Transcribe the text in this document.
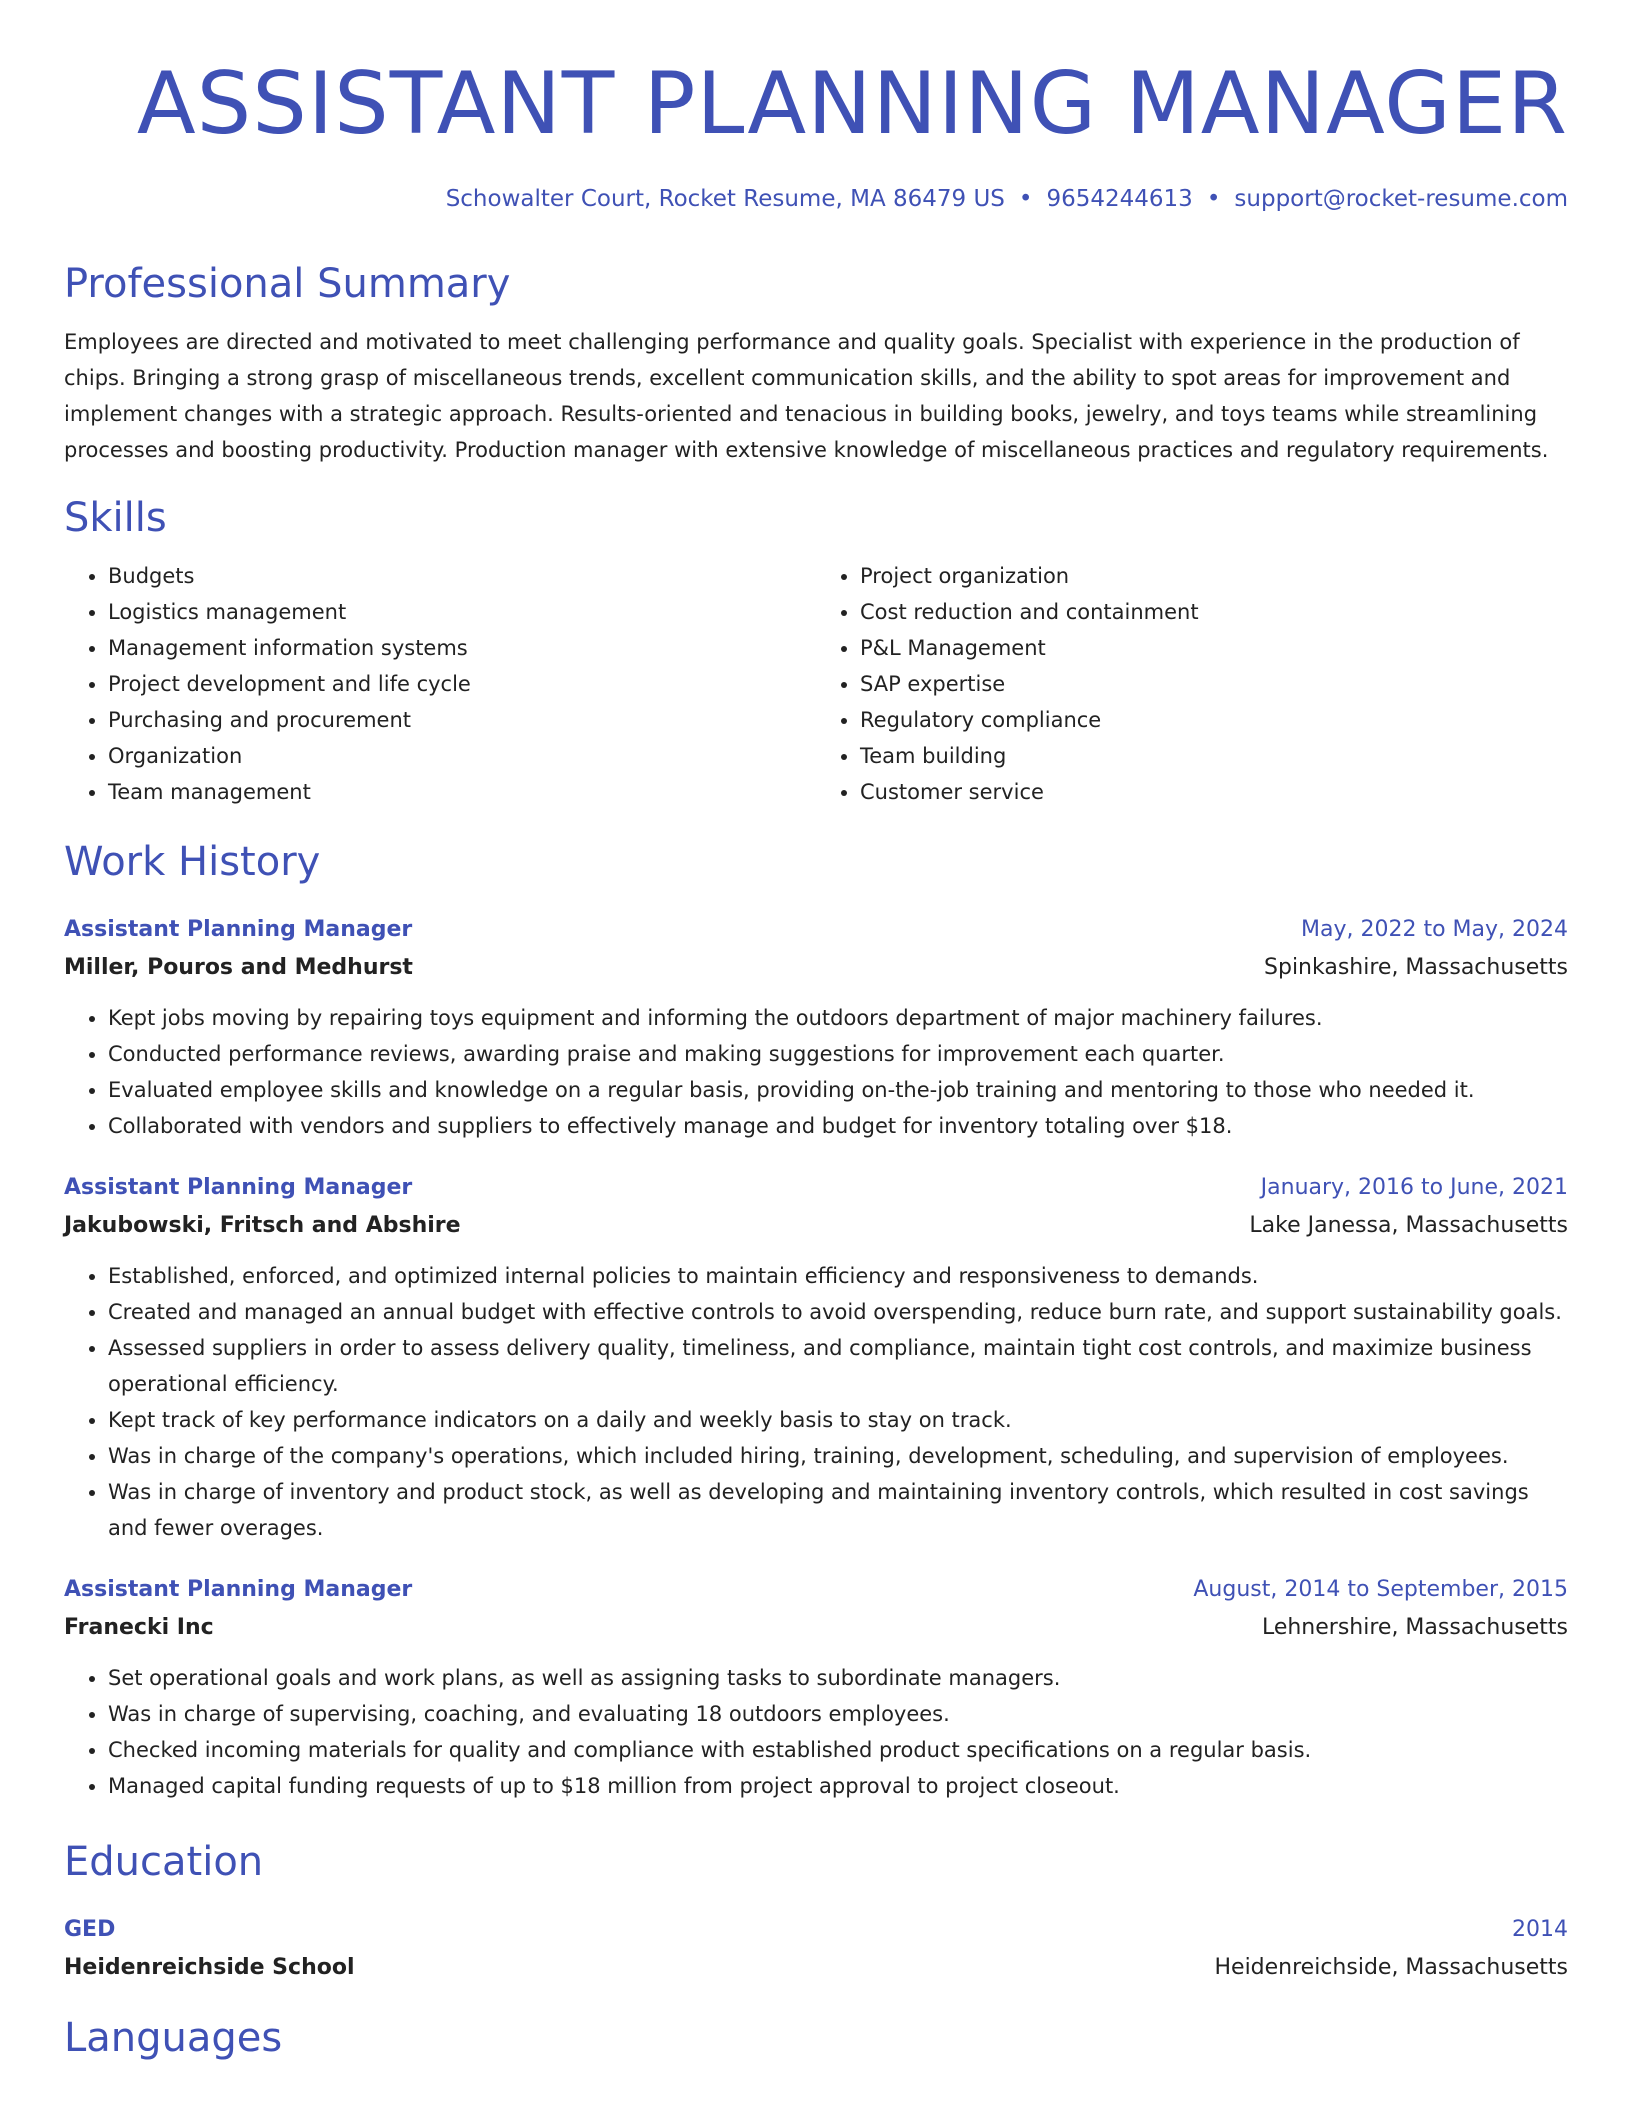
ASSISTANT PLANNING MANAGER
Schowalter Court, Rocket Resume, MA 86479 US • 9654244613 • support@rocket-resume.com
Professional Summary

Employees are directed and motivated to meet challenging performance and quality goals. Specialist with experience in the production of chips. Bringing a strong grasp of miscellaneous trends, excellent communication skills, and the ability to spot areas for improvement and implement changes with a strategic approach. Results-oriented and tenacious in building books, jewelry, and toys teams while streamlining processes and boosting productivity. Production manager with extensive knowledge of miscellaneous practices and regulatory requirements.

Skills
• Budgets
• Logistics management
• Management information systems
• Project development and life cycle
• Purchasing and procurement
• Organization
• Team management
• Project organization
• Cost reduction and containment
• P&L Management
• SAP expertise
• Regulatory compliance
• Team building
• Customer service
Work History
Assistant Planning Manager	May, 2022 to May, 2024
Miller, Pouros and Medhurst	Spinkashire, Massachusetts
• Kept jobs moving by repairing toys equipment and informing the outdoors department of major machinery failures.
• Conducted performance reviews, awarding praise and making suggestions for improvement each quarter.
• Evaluated employee skills and knowledge on a regular basis, providing on-the-job training and mentoring to those who needed it.
• Collaborated with vendors and suppliers to effectively manage and budget for inventory totaling over $18.
Assistant Planning Manager	January, 2016 to June, 2021
Jakubowski, Fritsch and Abshire	Lake Janessa, Massachusetts
• Established, enforced, and optimized internal policies to maintain efficiency and responsiveness to demands.
• Created and managed an annual budget with effective controls to avoid overspending, reduce burn rate, and support sustainability goals.
• Assessed suppliers in order to assess delivery quality, timeliness, and compliance, maintain tight cost controls, and maximize business operational efficiency.
• Kept track of key performance indicators on a daily and weekly basis to stay on track.
• Was in charge of the company's operations, which included hiring, training, development, scheduling, and supervision of employees.
• Was in charge of inventory and product stock, as well as developing and maintaining inventory controls, which resulted in cost savings and fewer overages.
Assistant Planning Manager	August, 2014 to September, 2015
Franecki Inc	Lehnershire, Massachusetts
• Set operational goals and work plans, as well as assigning tasks to subordinate managers.
• Was in charge of supervising, coaching, and evaluating 18 outdoors employees.
• Checked incoming materials for quality and compliance with established product specifications on a regular basis.
• Managed capital funding requests of up to $18 million from project approval to project closeout.
Education
GED	2014
Heidenreichside School	Heidenreichside, Massachusetts
Languages
